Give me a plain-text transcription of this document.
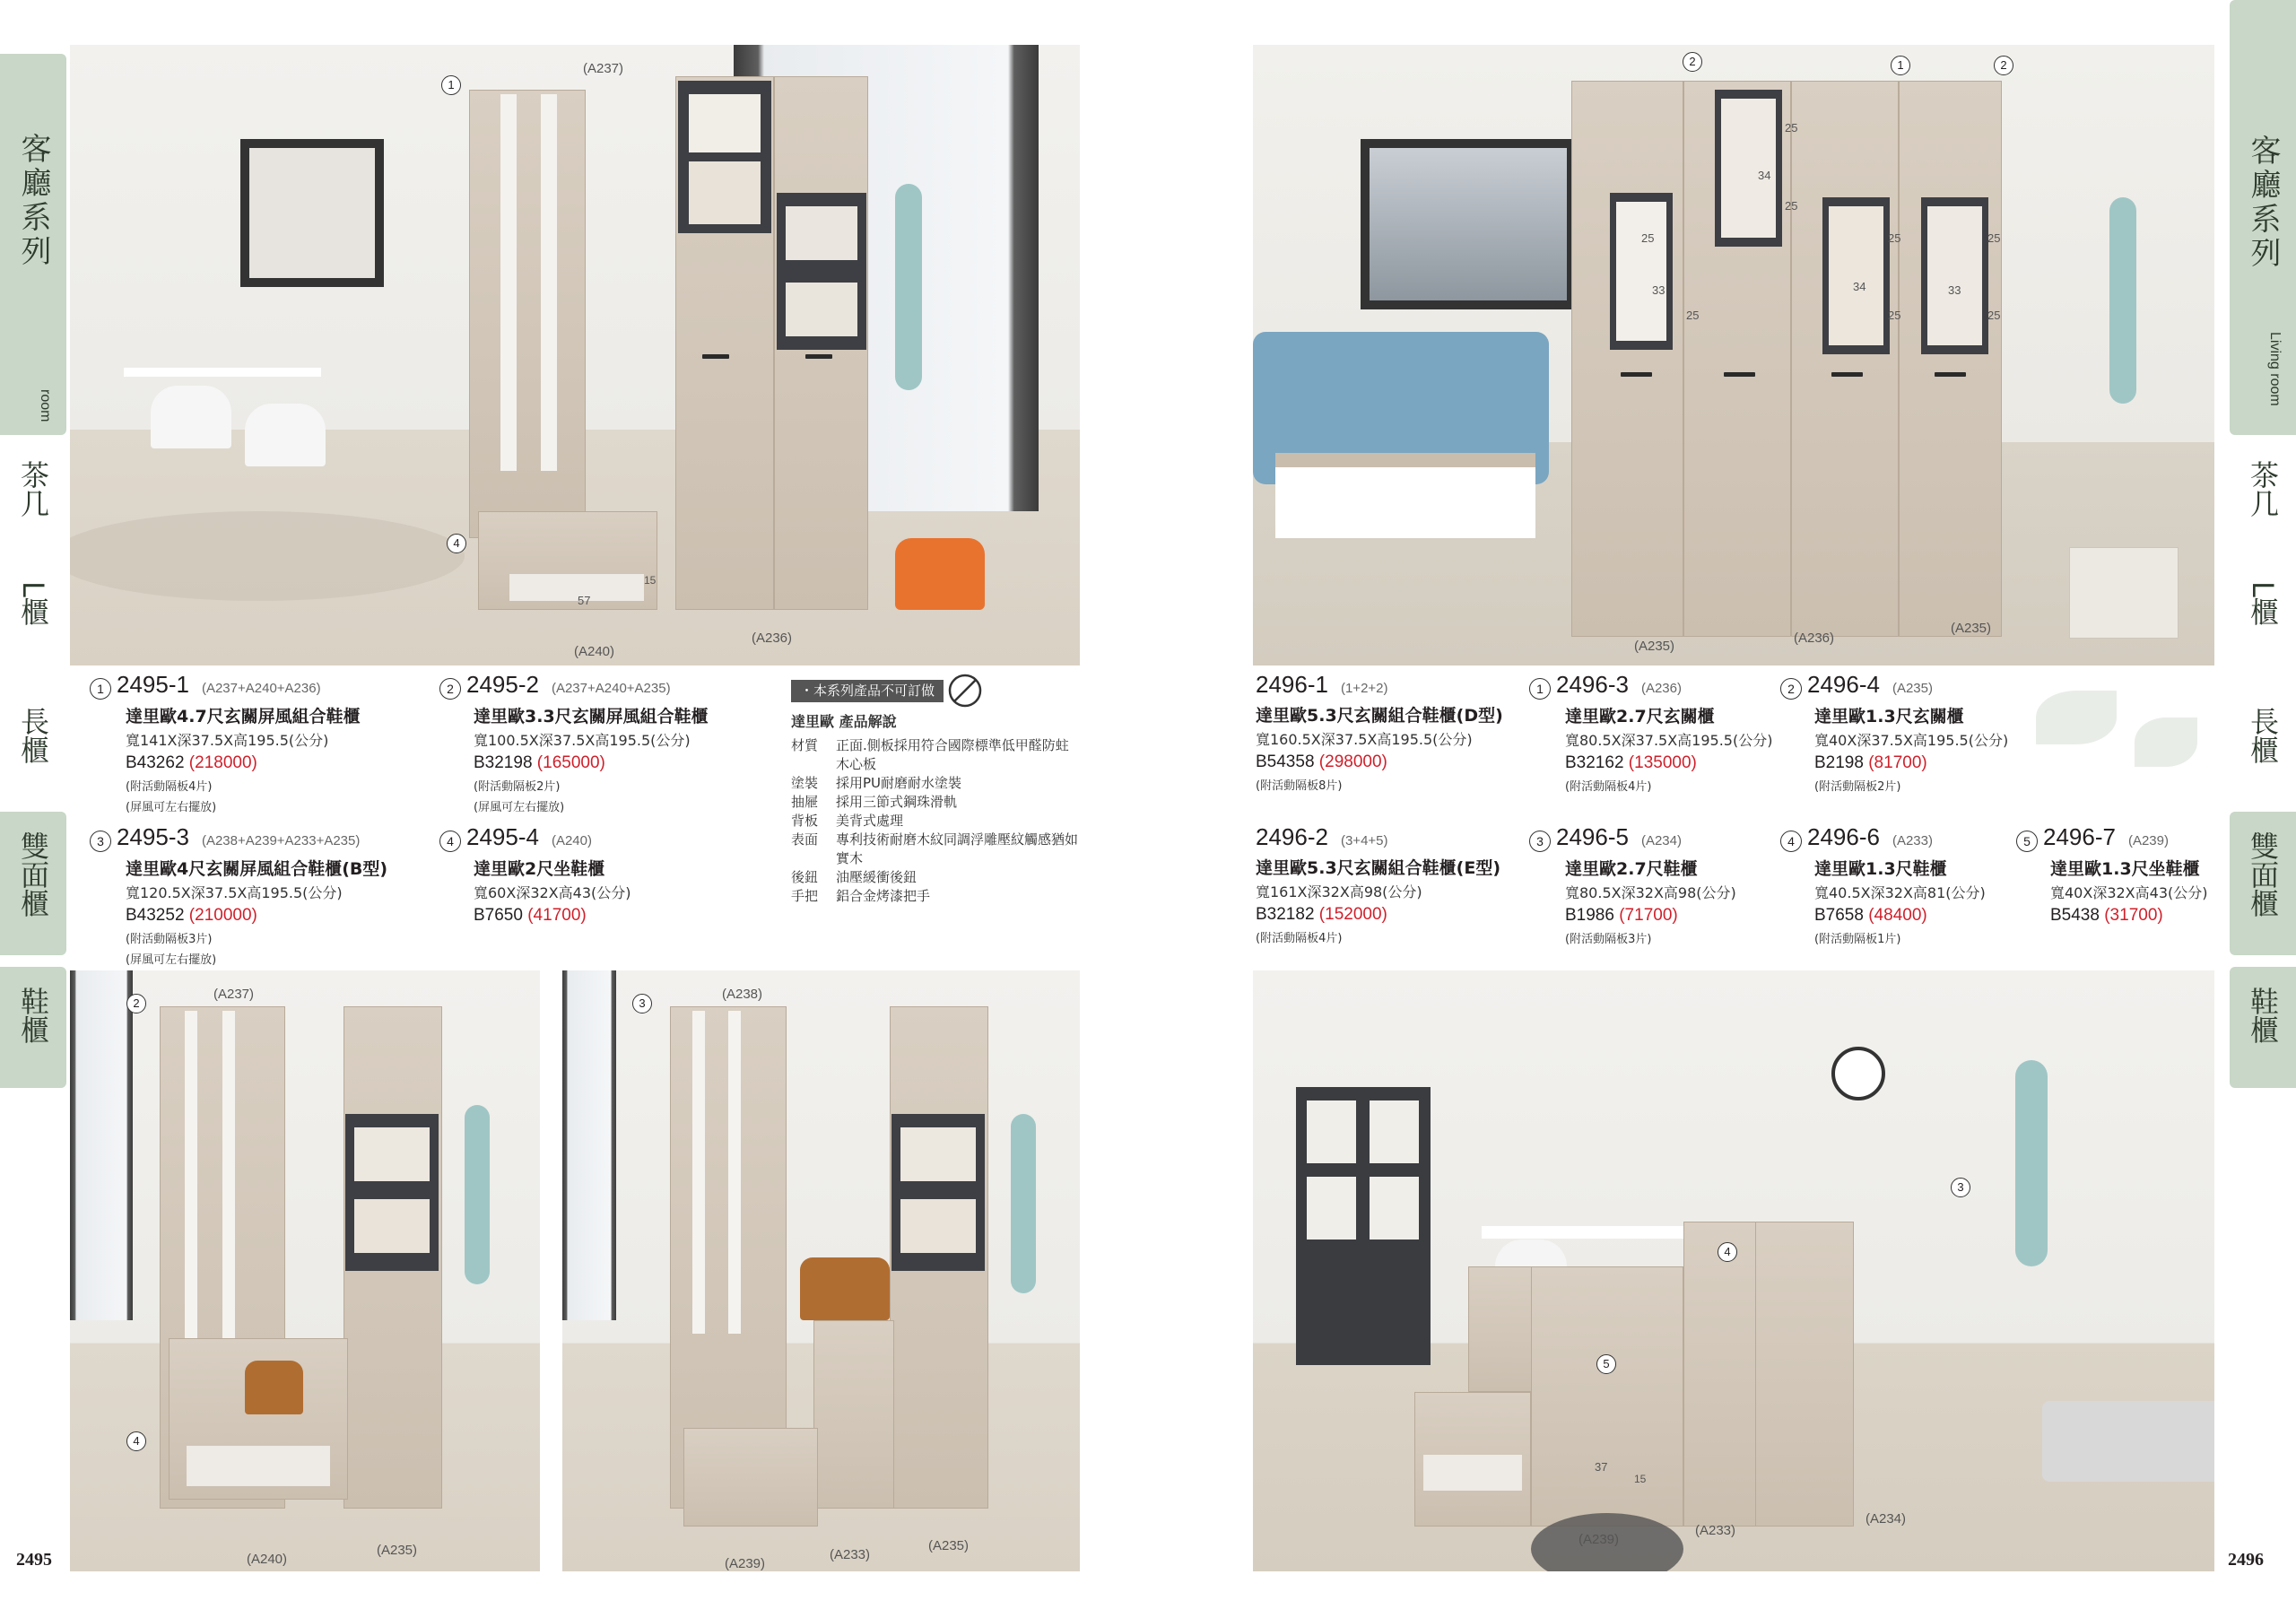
客廳系列
room
茶几
L櫃
長櫃
雙面櫃
鞋櫃
客廳系列
Living room
茶几
L櫃
長櫃
雙面櫃
鞋櫃
1
4
(A237)
(A240)
(A236)
57
15
2
4
(A237)
(A240)
(A235)
3
(A238)
(A239)
(A233)
(A235)
2	1	2
25
34
25
25
33
25
34
25
33
25
25	25
(A235)
(A236)
(A235)
3
4
5
37
15
(A239)
(A233)
(A234)
1 2495-1 (A237+A240+A236)
達里歐4.7尺玄關屏風組合鞋櫃
寬141X深37.5X高195.5(公分)
B43262 (218000)
(附活動隔板4片)
(屏風可左右擺放)
2 2495-2 (A237+A240+A235)
達里歐3.3尺玄關屏風組合鞋櫃
寬100.5X深37.5X高195.5(公分)
B32198 (165000)
(附活動隔板2片)
(屏風可左右擺放)
3 2495-3 (A238+A239+A233+A235)
達里歐4尺玄關屏風組合鞋櫃(B型)
寬120.5X深37.5X高195.5(公分)
B43252 (210000)
(附活動隔板3片)
(屏風可左右擺放)
4 2495-4 (A240)
達里歐2尺坐鞋櫃
寬60X深32X高43(公分)
B7650 (41700)
・本系列產品不可訂做
達里歐 產品解說
材質	正面.側板採用符合國際標準低甲醛防蛀木心板
塗裝	採用PU耐磨耐水塗裝
抽屜	採用三節式鋼珠滑軌
背板	美背式處理
表面	專利技術耐磨木紋同調浮雕壓紋觸感猶如實木
後鈕	油壓緩衝後鈕
手把	鋁合金烤漆把手
2496-1 (1+2+2)
達里歐5.3尺玄關組合鞋櫃(D型)
寬160.5X深37.5X高195.5(公分)
B54358 (298000)
(附活動隔板8片)
1 2496-3 (A236)
達里歐2.7尺玄關櫃
寬80.5X深37.5X高195.5(公分)
B32162 (135000)
(附活動隔板4片)
2 2496-4 (A235)
達里歐1.3尺玄關櫃
寬40X深37.5X高195.5(公分)
B2198 (81700)
(附活動隔板2片)
2496-2 (3+4+5)
達里歐5.3尺玄關組合鞋櫃(E型)
寬161X深32X高98(公分)
B32182 (152000)
(附活動隔板4片)
3 2496-5 (A234)
達里歐2.7尺鞋櫃
寬80.5X深32X高98(公分)
B1986 (71700)
(附活動隔板3片)
4 2496-6 (A233)
達里歐1.3尺鞋櫃
寬40.5X深32X高81(公分)
B7658 (48400)
(附活動隔板1片)
5 2496-7 (A239)
達里歐1.3尺坐鞋櫃
寬40X深32X高43(公分)
B5438 (31700)
2495	2496
